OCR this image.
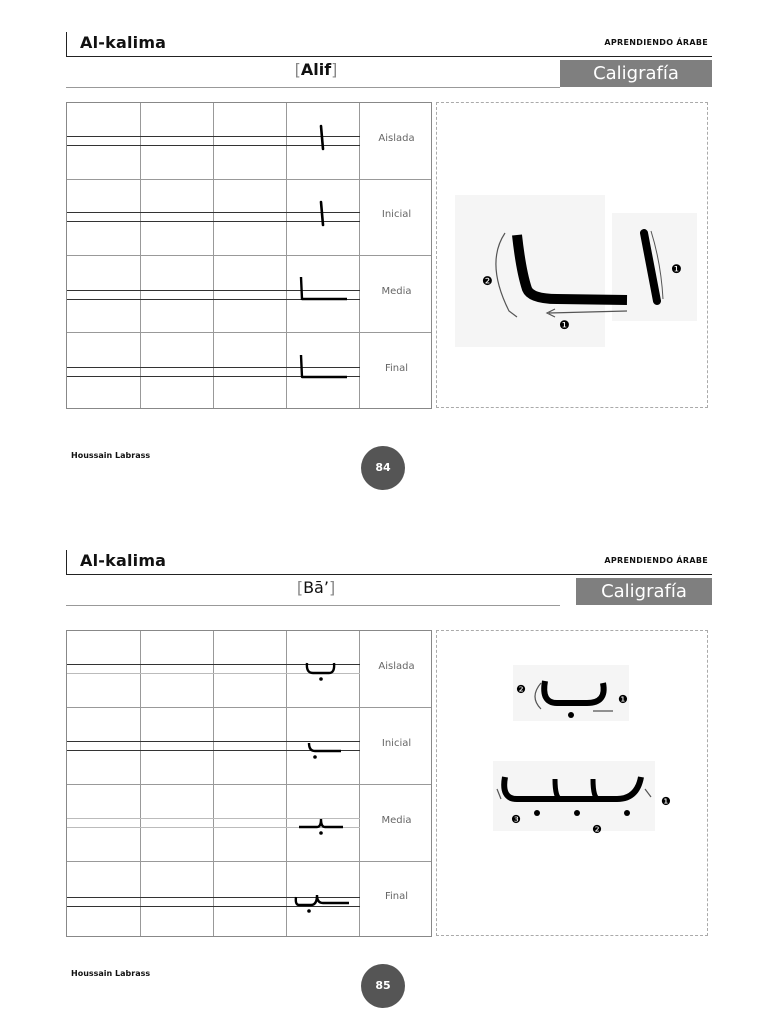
Al-kalima	APRENDIENDO ÁRABE
[Alif]	Caligrafía
Aislada
Inicial
Media
Final
❶
❷
❶
Houssain Labrass
84
Al-kalima	APRENDIENDO ÁRABE
[Bā’]	Caligrafía
Aislada
Inicial
Media
Final
❷
❶
❶
❸
❷
Houssain Labrass
85
